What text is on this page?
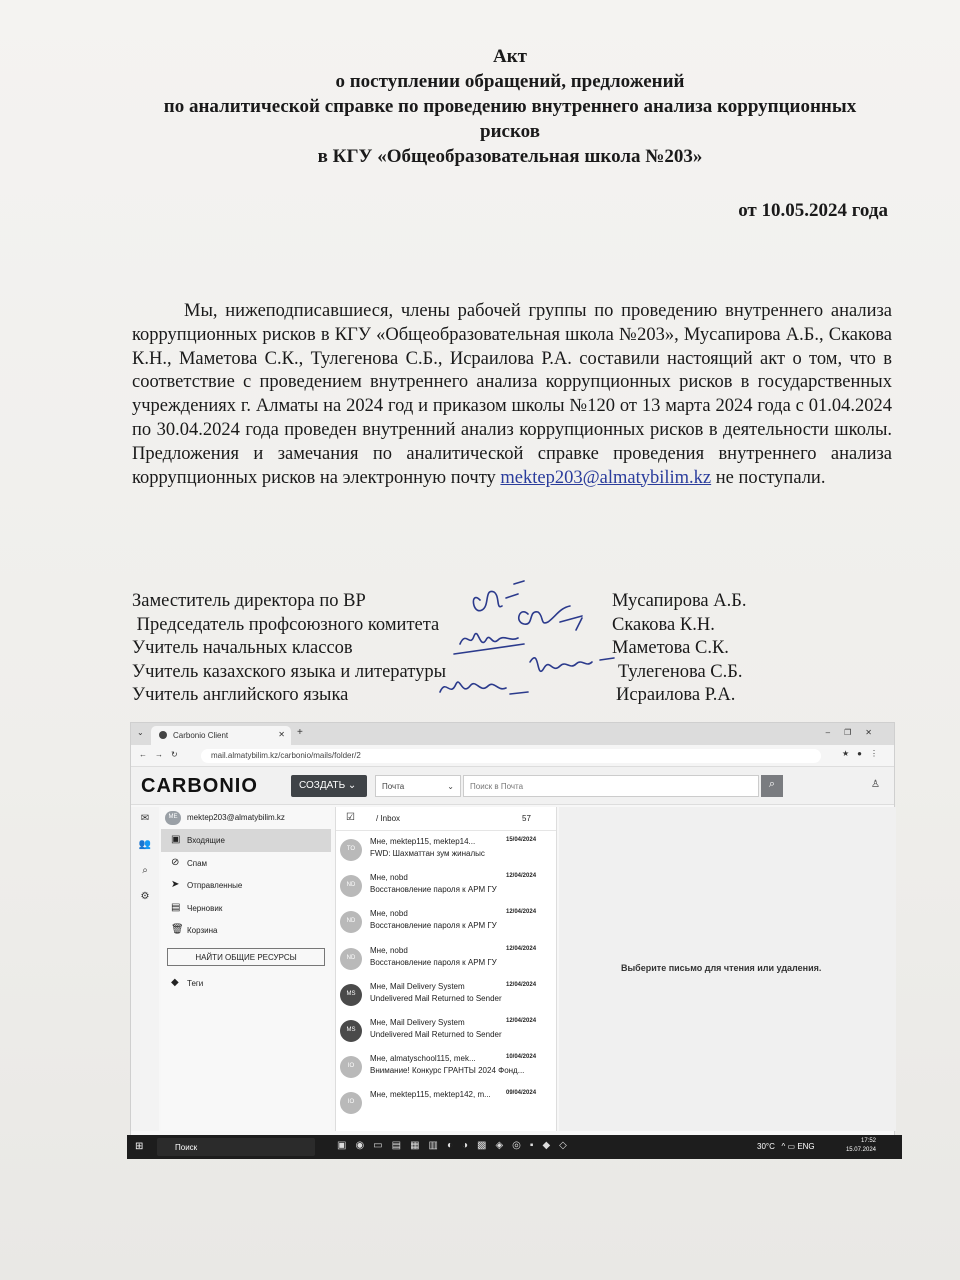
Акт
о поступлении обращений, предложений
по аналитической справке по проведению внутреннего анализа коррупционных
рисков
в КГУ «Общеобразовательная школа №203»
от 10.05.2024 года
Мы, нижеподписавшиеся, члены рабочей группы по проведению внутреннего анализа коррупционных рисков в КГУ «Общеобразовательная школа №203», Мусапирова А.Б., Скакова К.Н., Маметова С.К., Тулегенова С.Б., Исраилова Р.А. составили настоящий акт о том, что в соответствие с проведением внутреннего анализа коррупционных рисков в государственных учреждениях г. Алматы на 2024 год и приказом школы №120 от 13 марта 2024 года с 01.04.2024 по 30.04.2024 года проведен внутренний анализ коррупционных рисков в деятельности школы. Предложения и замечания по аналитической справке проведения внутреннего анализа коррупционных рисков на электронную почту mektep203@almatybilim.kz не поступали.
Заместитель директора по ВР	Мусапирова А.Б.
Председатель профсоюзного комитета	Скакова К.Н.
Учитель начальных классов	Маметова С.К.
Учитель казахского языка и литературы	Тулегенова С.Б.
Учитель английского языка	Исраилова Р.А.
⌄	Carbonio Client	✕ +	–❐✕
←→↻	mail.almatybilim.kz/carbonio/mails/folder/2	★●⋮
CARBONIO	СОЗДАТЬ ⌄	Почта	⌄	Поиск в Почта	⌕	♙
✉
👥
⌕
⚙
MЕ	mektep203@almatybilim.kz
▣ Входящие
⊘ Спам
➤ Отправленные
▤ Черновик
🗑 Корзина
НАЙТИ ОБЩИЕ РЕСУРСЫ
◆ Теги
☑	/ Inbox	57
TO
Мне, mektep115, mektep14...	15/04/2024
FWD: Шахматтан зум жиналыс
ND
Мне, nobd	12/04/2024
Восстановление пароля к АРМ ГУ
ND
Мне, nobd	12/04/2024
Восстановление пароля к АРМ ГУ
ND
Мне, nobd	12/04/2024
Восстановление пароля к АРМ ГУ
MS
Мне, Mail Delivery System	12/04/2024
Undelivered Mail Returned to Sender
MS
Мне, Mail Delivery System	12/04/2024
Undelivered Mail Returned to Sender
IO
Мне, almatyschool115, mek...	10/04/2024
Внимание! Конкурс ГРАНТЫ 2024 Фонд...
IO
Мне, mektep115, mektep142, m...	09/04/2024
Выберите письмо для чтения или удаления.
⊞	Поиск	▣◉▭▤▦▥◐◑▩◈◎▪◆◇	30°C   ^ ▭ ENG
17:52
15.07.2024
